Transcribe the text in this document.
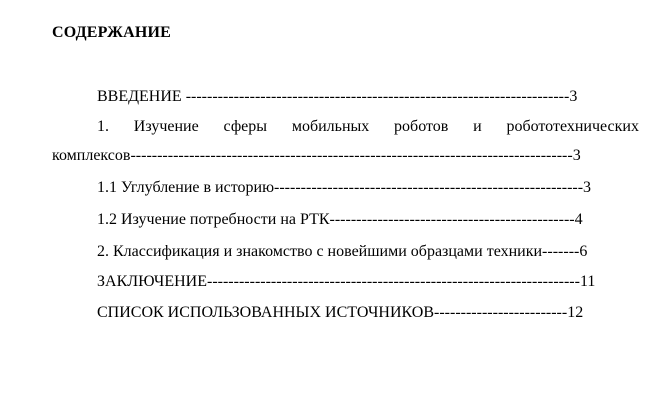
СОДЕРЖАНИЕ
ВВЕДЕНИЕ ------------------------------------------------------------------------3
1. Изучение сферы мобильных роботов и робототехнических
комплексов-----------------------------------------------------------------------------------3
1.1 Углубление в историю----------------------------------------------------------3
1.2 Изучение потребности на РТК----------------------------------------------4
2. Классификация и знакомство с новейшими образцами техники-------6
ЗАКЛЮЧЕНИЕ----------------------------------------------------------------------11
СПИСОК ИСПОЛЬЗОВАННЫХ ИСТОЧНИКОВ-------------------------12
